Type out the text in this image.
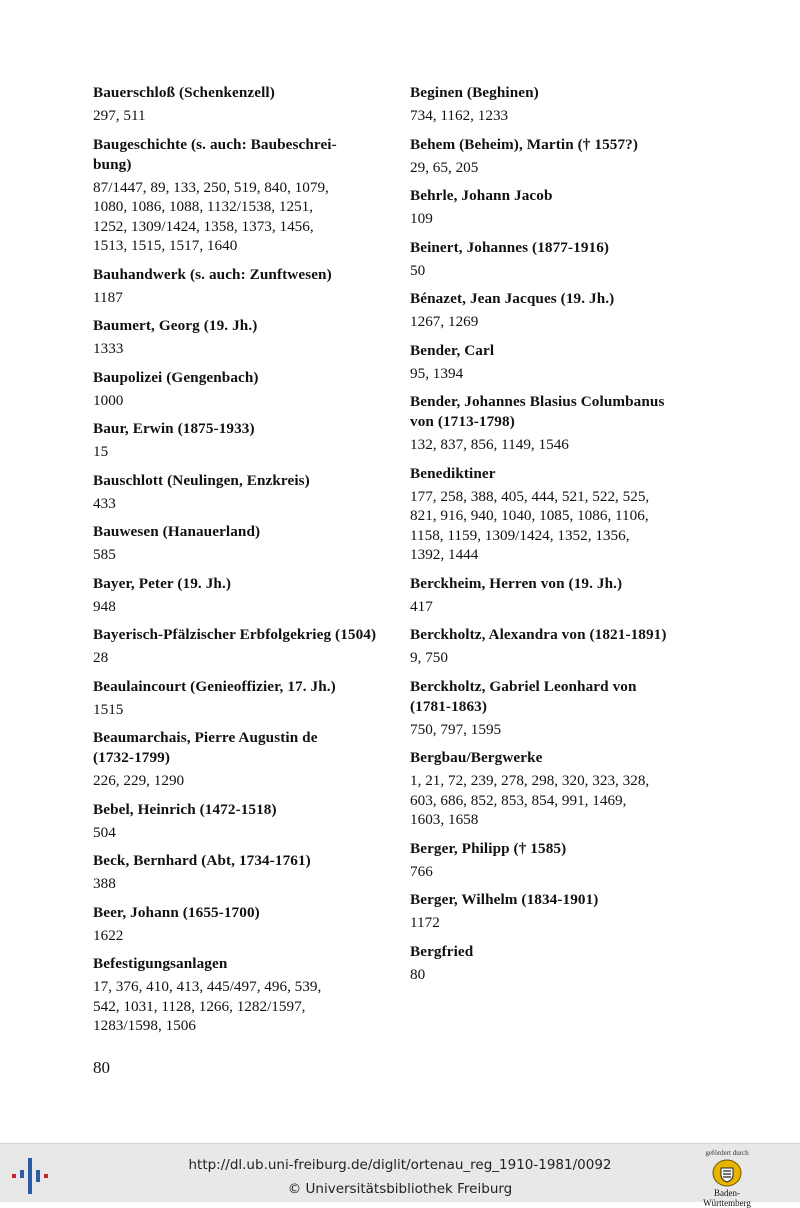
Bauerschloß (Schenkenzell)
297, 511
Baugeschichte (s. auch: Baubeschrei-
bung)
87/1447, 89, 133, 250, 519, 840, 1079,
1080, 1086, 1088, 1132/1538, 1251,
1252, 1309/1424, 1358, 1373, 1456,
1513, 1515, 1517, 1640
Bauhandwerk (s. auch: Zunftwesen)
1187
Baumert, Georg (19. Jh.)
1333
Baupolizei (Gengenbach)
1000
Baur, Erwin (1875-1933)
15
Bauschlott (Neulingen, Enzkreis)
433
Bauwesen (Hanauerland)
585
Bayer, Peter (19. Jh.)
948
Bayerisch-Pfälzischer Erbfolgekrieg (1504)
28
Beaulaincourt (Genieoffizier, 17. Jh.)
1515
Beaumarchais, Pierre Augustin de
(1732-1799)
226, 229, 1290
Bebel, Heinrich (1472-1518)
504
Beck, Bernhard (Abt, 1734-1761)
388
Beer, Johann (1655-1700)
1622
Befestigungsanlagen
17, 376, 410, 413, 445/497, 496, 539,
542, 1031, 1128, 1266, 1282/1597,
1283/1598, 1506
Beginen (Beghinen)
734, 1162, 1233
Behem (Beheim), Martin († 1557?)
29, 65, 205
Behrle, Johann Jacob
109
Beinert, Johannes (1877-1916)
50
Bénazet, Jean Jacques (19. Jh.)
1267, 1269
Bender, Carl
95, 1394
Bender, Johannes Blasius Columbanus
von (1713-1798)
132, 837, 856, 1149, 1546
Benediktiner
177, 258, 388, 405, 444, 521, 522, 525,
821, 916, 940, 1040, 1085, 1086, 1106,
1158, 1159, 1309/1424, 1352, 1356,
1392, 1444
Berckheim, Herren von (19. Jh.)
417
Berckholtz, Alexandra von (1821-1891)
9, 750
Berckholtz, Gabriel Leonhard von
(1781-1863)
750, 797, 1595
Bergbau/Bergwerke
1, 21, 72, 239, 278, 298, 320, 323, 328,
603, 686, 852, 853, 854, 991, 1469,
1603, 1658
Berger, Philipp († 1585)
766
Berger, Wilhelm (1834-1901)
1172
Bergfried
80
80
http://dl.ub.uni-freiburg.de/diglit/ortenau_reg_1910-1981/0092
© Universitätsbibliothek Freiburg
gefördert durch
Baden-Württemberg
